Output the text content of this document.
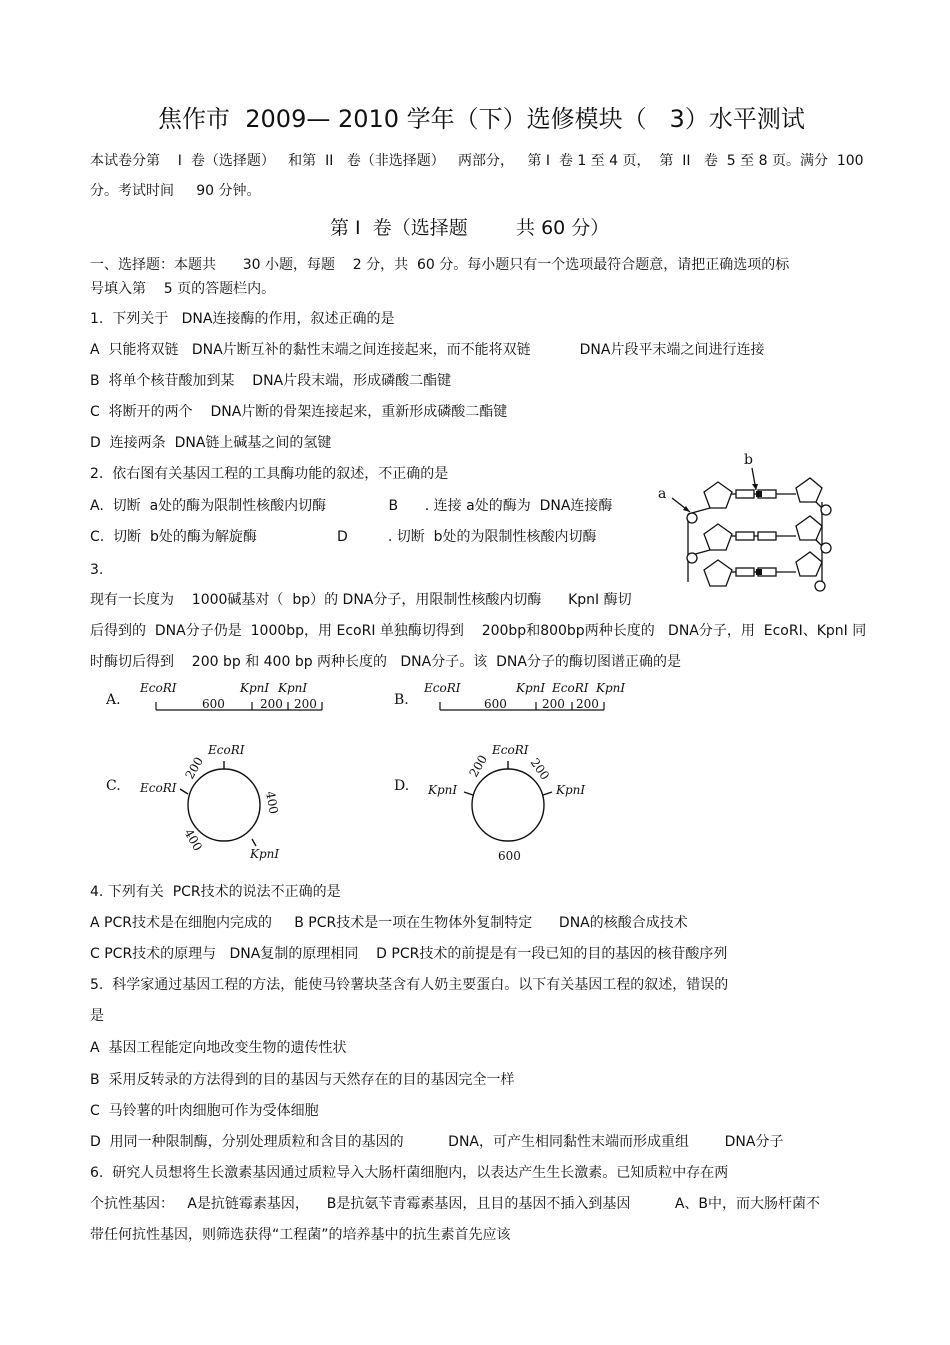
焦作市  2009— 2010 学年（下）选修模块（   3）水平测试
本试卷分第    I  卷（选择题）   和第  II   卷（非选择题）   两部分，   第 I  卷 1 至 4 页，  第  II   卷  5 至 8 页。满分  100
分。考试时间     90 分钟。
第 I  卷（选择题        共 60 分）
一、选择题：本题共      30 小题，每题    2 分，共  60 分。每小题只有一个选项最符合题意，请把正确选项的标
号填入第    5 页的答题栏内。
1.  下列关于   DNA连接酶的作用，叙述正确的是
A  只能将双链   DNA片断互补的黏性末端之间连接起来，而不能将双链           DNA片段平末端之间进行连接
B  将单个核苷酸加到某    DNA片段末端，形成磷酸二酯键
C  将断开的两个    DNA片断的骨架连接起来，重新形成磷酸二酯键
D  连接两条  DNA链上碱基之间的氢键
2.  依右图有关基因工程的工具酶功能的叙述，不正确的是
A.  切断  a处的酶为限制性核酸内切酶              B      . 连接 a处的酶为  DNA连接酶
C.  切断  b处的酶为解旋酶                  D         . 切断  b处的为限制性核酸内切酶
a
b
3.
现有一长度为    1000碱基对（  bp）的 DNA分子，用限制性核酸内切酶      KpnI 酶切
后得到的  DNA分子仍是  1000bp，用 EcoRI 单独酶切得到    200bp和800bp两种长度的   DNA分子，用  EcoRI、KpnI 同
时酶切后得到    200 bp 和 400 bp 两种长度的   DNA分子。该  DNA分子的酶切图谱正确的是
A.
EcoRI	KpnI KpnI
600	200 200	B.
EcoRI	KpnI EcoRI KpnI
600	200 200
C.
EcoRI
EcoRI
KpnI
200
400
400
D.
EcoRI
KpnI	KpnI
200	200
600
4. 下列有关  PCR技术的说法不正确的是
A PCR技术是在细胞内完成的     B PCR技术是一项在生物体外复制特定      DNA的核酸合成技术
C PCR技术的原理与   DNA复制的原理相同    D PCR技术的前提是有一段已知的目的基因的核苷酸序列
5.  科学家通过基因工程的方法，能使马铃薯块茎含有人奶主要蛋白。以下有关基因工程的叙述，错误的
是
A  基因工程能定向地改变生物的遗传性状
B  采用反转录的方法得到的目的基因与天然存在的目的基因完全一样
C  马铃薯的叶肉细胞可作为受体细胞
D  用同一种限制酶，分别处理质粒和含目的基因的          DNA，可产生相同黏性末端而形成重组        DNA分子
6.  研究人员想将生长激素基因通过质粒导入大肠杆菌细胞内，以表达产生生长激素。已知质粒中存在两
个抗性基因：   A是抗链霉素基因，    B是抗氨苄青霉素基因，且目的基因不插入到基因          A、B中，而大肠杆菌不
带任何抗性基因，则筛选获得“工程菌”的培养基中的抗生素首先应该
